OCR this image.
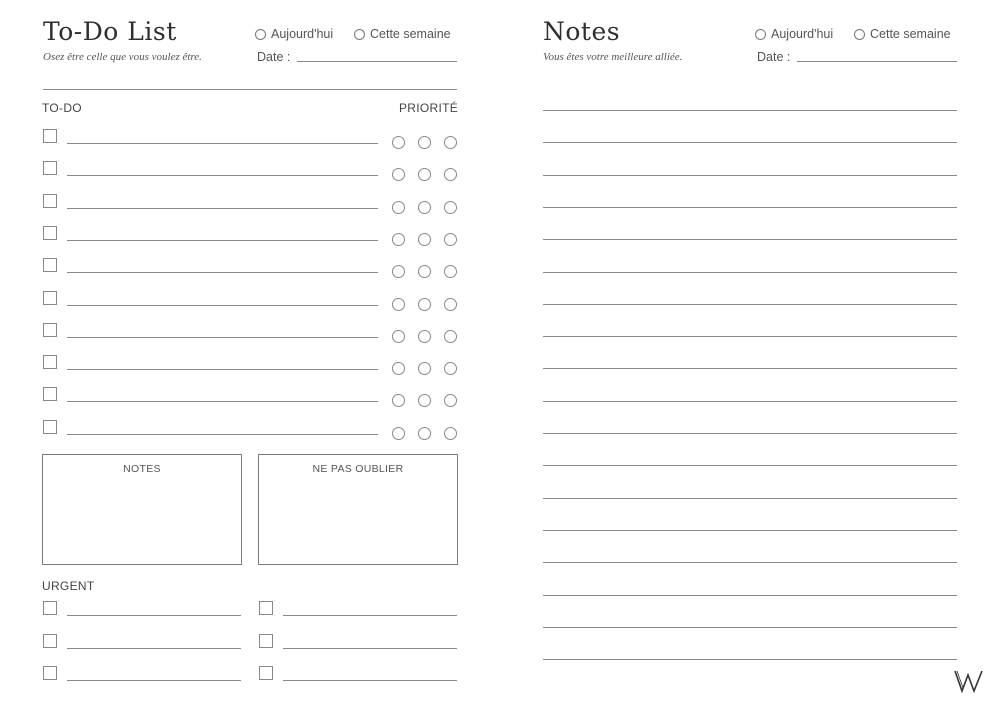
To-Do List
Osez être celle que vous voulez être.
Aujourd'hui	Cette semaine
Date :
TO-DO	PRIORITÉ
NOTES	NE PAS OUBLIER
URGENT
Notes
Vous êtes votre meilleure alliée.
Aujourd'hui	Cette semaine
Date :
